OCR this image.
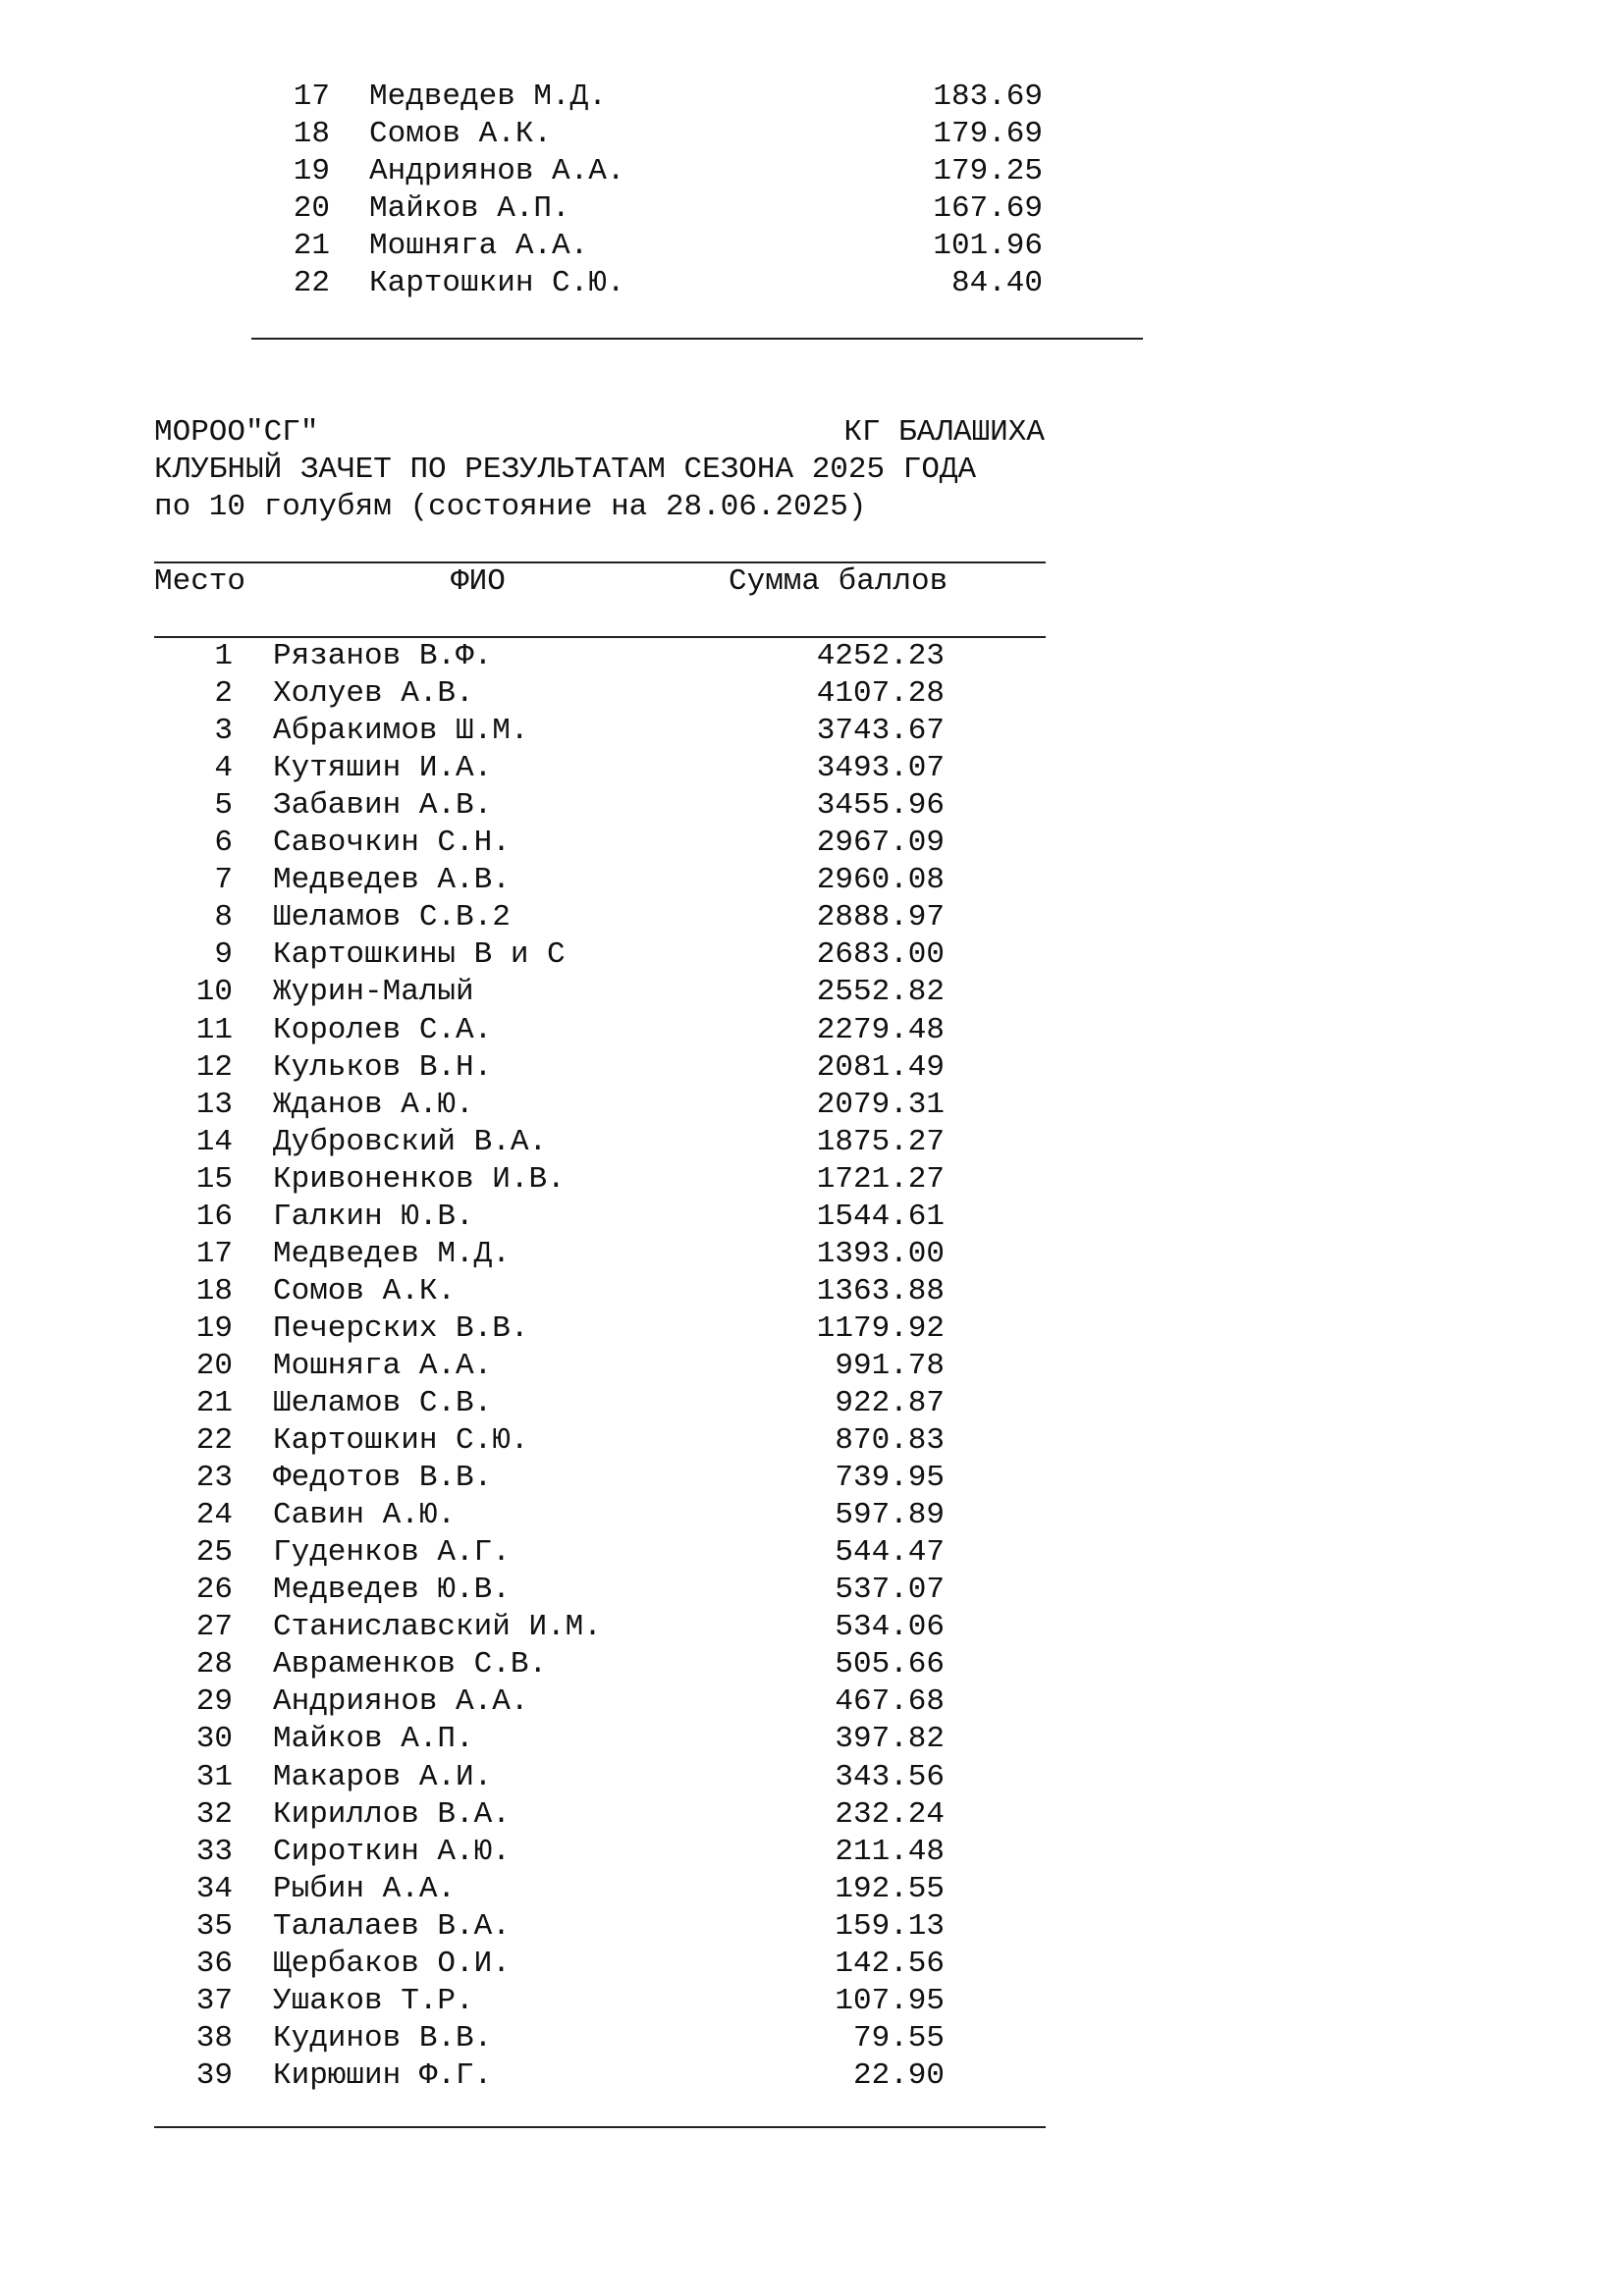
17 Медведев М.Д.	183.69
18 Сомов А.К.	179.69
19 Андриянов А.А.	179.25
20 Майков А.П.	167.69
21 Мошняга А.А.	101.96
22 Картошкин С.Ю.	84.40
МОРОО"СГ"	КГ БАЛАШИХА
КЛУБНЫЙ ЗАЧЕТ ПО РЕЗУЛЬТАТАМ СЕЗОНА 2025 ГОДА
по 10 голубям (состояние на 28.06.2025)
Место	ФИО	Сумма баллов
1 Рязанов В.Ф.	4252.23
2 Холуев А.В.	4107.28
3 Абракимов Ш.М.	3743.67
4 Кутяшин И.А.	3493.07
5 Забавин А.В.	3455.96
6 Савочкин С.Н.	2967.09
7 Медведев А.В.	2960.08
8 Шеламов С.В.2	2888.97
9 Картошкины В и С	2683.00
10 Журин-Малый	2552.82
11 Королев С.А.	2279.48
12 Кульков В.Н.	2081.49
13 Жданов А.Ю.	2079.31
14 Дубровский В.А.	1875.27
15 Кривоненков И.В.	1721.27
16 Галкин Ю.В.	1544.61
17 Медведев М.Д.	1393.00
18 Сомов А.К.	1363.88
19 Печерских В.В.	1179.92
20 Мошняга А.А.	991.78
21 Шеламов С.В.	922.87
22 Картошкин С.Ю.	870.83
23 Федотов В.В.	739.95
24 Савин А.Ю.	597.89
25 Гуденков А.Г.	544.47
26 Медведев Ю.В.	537.07
27 Станиславский И.М.	534.06
28 Авраменков С.В.	505.66
29 Андриянов А.А.	467.68
30 Майков А.П.	397.82
31 Макаров А.И.	343.56
32 Кириллов В.А.	232.24
33 Сироткин А.Ю.	211.48
34 Рыбин А.А.	192.55
35 Талалаев В.А.	159.13
36 Щербаков О.И.	142.56
37 Ушаков Т.Р.	107.95
38 Кудинов В.В.	79.55
39 Кирюшин Ф.Г.	22.90
